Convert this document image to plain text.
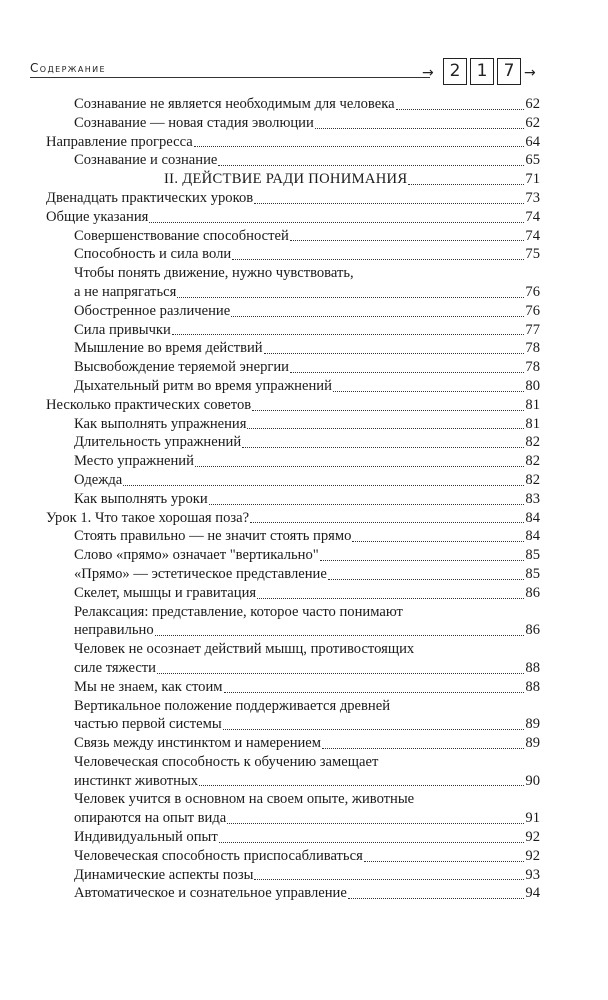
Содержание	→ 2 1 7 →
Сознавание не является необходимым для человека	62
Сознавание — новая стадия эволюции	62
Направление прогресса	64
Сознавание и сознание	65
II. ДЕЙСТВИЕ РАДИ ПОНИМАНИЯ	71
Двенадцать практических уроков	73
Общие указания	74
Совершенствование способностей	74
Способность и сила воли	75
Чтобы понять движение, нужно чувствовать,
а не напрягаться	76
Обостренное различение	76
Сила привычки	77
Мышление во время действий	78
Высвобождение теряемой энергии	78
Дыхательный ритм во время упражнений	80
Несколько практических советов	81
Как выполнять упражнения	81
Длительность упражнений	82
Место упражнений	82
Одежда	82
Как выполнять уроки	83
Урок 1. Что такое хорошая поза?	84
Стоять правильно — не значит стоять прямо	84
Слово «прямо» означает "вертикально"	85
«Прямо» — эстетическое представление	85
Скелет, мышцы и гравитация	86
Релаксация: представление, которое часто понимают
неправильно	86
Человек не осознает действий мышц, противостоящих
силе тяжести	88
Мы не знаем, как стоим	88
Вертикальное положение поддерживается древней
частью первой системы	89
Связь между инстинктом и намерением	89
Человеческая способность к обучению замещает
инстинкт животных	90
Человек учится в основном на своем опыте, животные
опираются на опыт вида	91
Индивидуальный опыт	92
Человеческая способность приспосабливаться	92
Динамические аспекты позы	93
Автоматическое и сознательное управление	94
